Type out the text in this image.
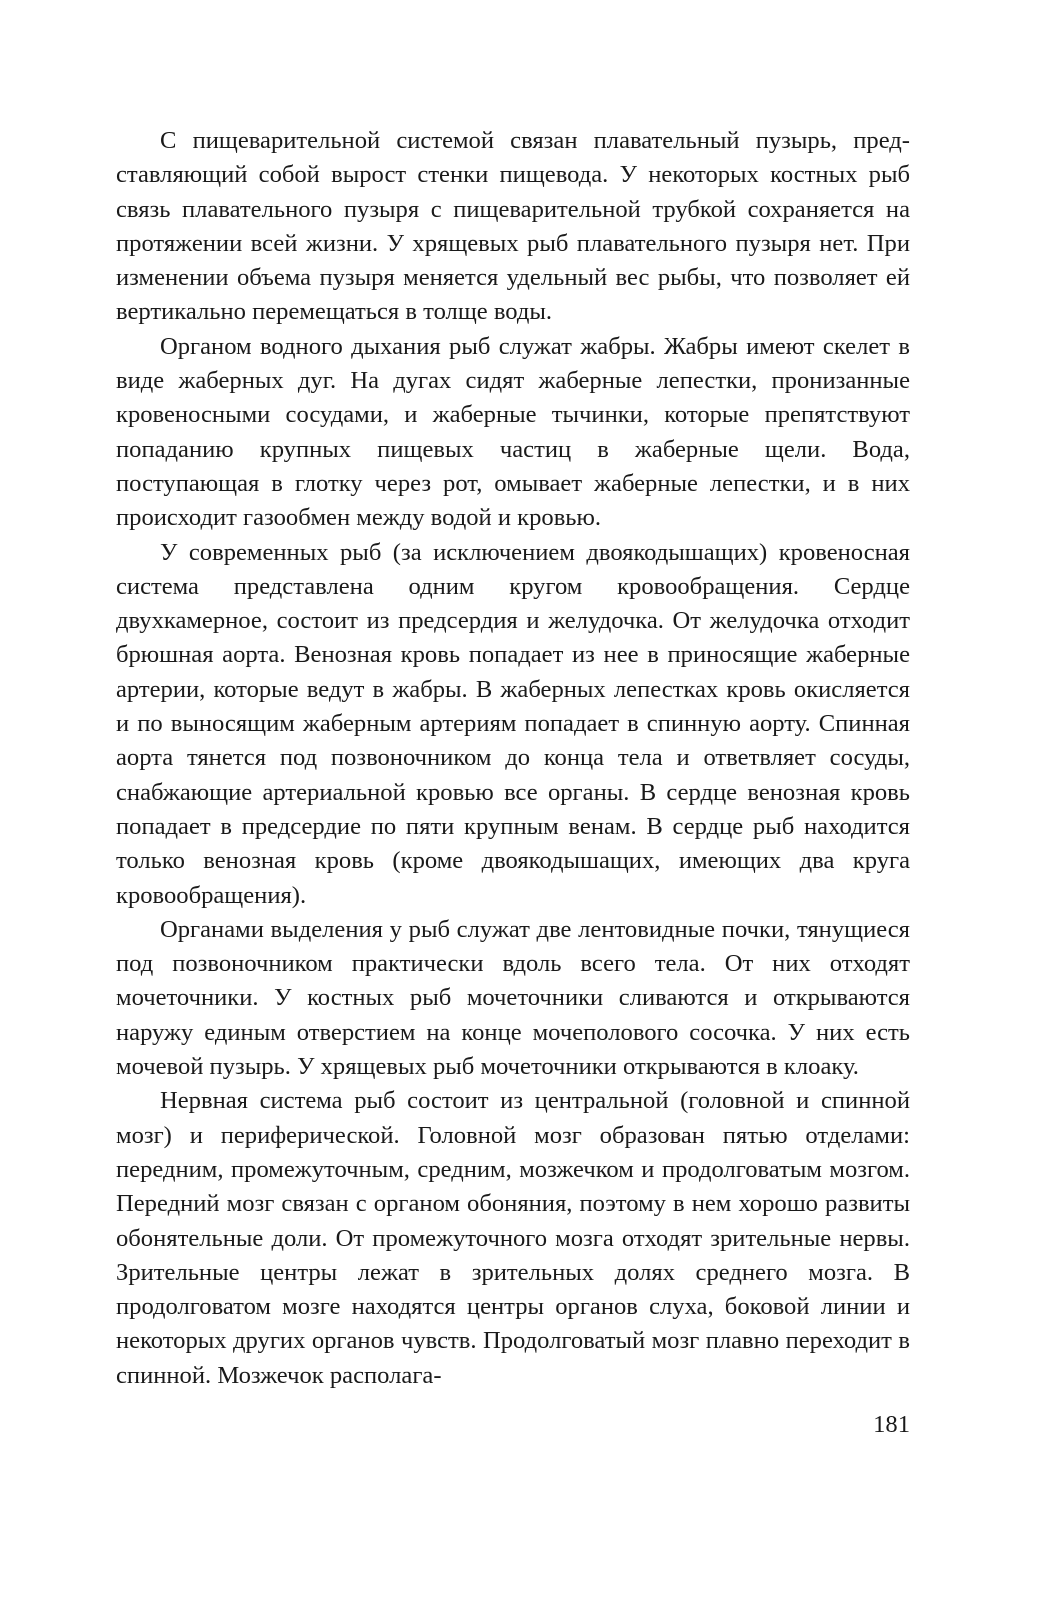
С пищеварительной системой связан плавательный пузырь, представляющий собой вырост стенки пищевода. У некоторых костных рыб связь плавательного пузыря с пищеварительной трубкой сохраняется на протяжении всей жизни. У хрящевых рыб плавательного пузыря нет. При изменении объема пузыря меняется удельный вес рыбы, что позволяет ей вертикально перемещаться в толще воды.

Органом водного дыхания рыб служат жабры. Жабры имеют скелет в виде жаберных дуг. На дугах сидят жаберные лепестки, пронизанные кровеносными сосудами, и жаберные тычинки, которые препятствуют попаданию крупных пищевых частиц в жаберные щели. Вода, поступающая в глотку через рот, омывает жаберные лепестки, и в них происходит газообмен между водой и кровью.

У современных рыб (за исключением двоякодышащих) кровеносная система представлена одним кругом кровообращения. Сердце двухкамерное, состоит из предсердия и желудочка. От желудочка отходит брюшная аорта. Венозная кровь попадает из нее в приносящие жаберные артерии, которые ведут в жабры. В жаберных лепестках кровь окисляется и по выносящим жаберным артериям попадает в спинную аорту. Спинная аорта тянется под позвоночником до конца тела и ответвляет сосуды, снабжающие артериальной кровью все органы. В сердце венозная кровь попадает в предсердие по пяти крупным венам. В сердце рыб находится только венозная кровь (кроме двоякодышащих, имеющих два круга кровообращения).

Органами выделения у рыб служат две лентовидные почки, тянущиеся под позвоночником практически вдоль всего тела. От них отходят мочеточники. У костных рыб мочеточники сливаются и открываются наружу единым отверстием на конце мочеполового сосочка. У них есть мочевой пузырь. У хрящевых рыб мочеточники открываются в клоаку.

Нервная система рыб состоит из центральной (головной и спинной мозг) и периферической. Головной мозг образован пятью отделами: передним, промежуточным, средним, мозжечком и продолговатым мозгом. Передний мозг связан с органом обоняния, поэтому в нем хорошо развиты обонятельные доли. От промежуточного мозга отходят зрительные нервы. Зрительные центры лежат в зрительных долях среднего мозга. В продолговатом мозге находятся центры органов слуха, боковой линии и некоторых других органов чувств. Продолговатый мозг плавно переходит в спинной. Мозжечок располага-

181
